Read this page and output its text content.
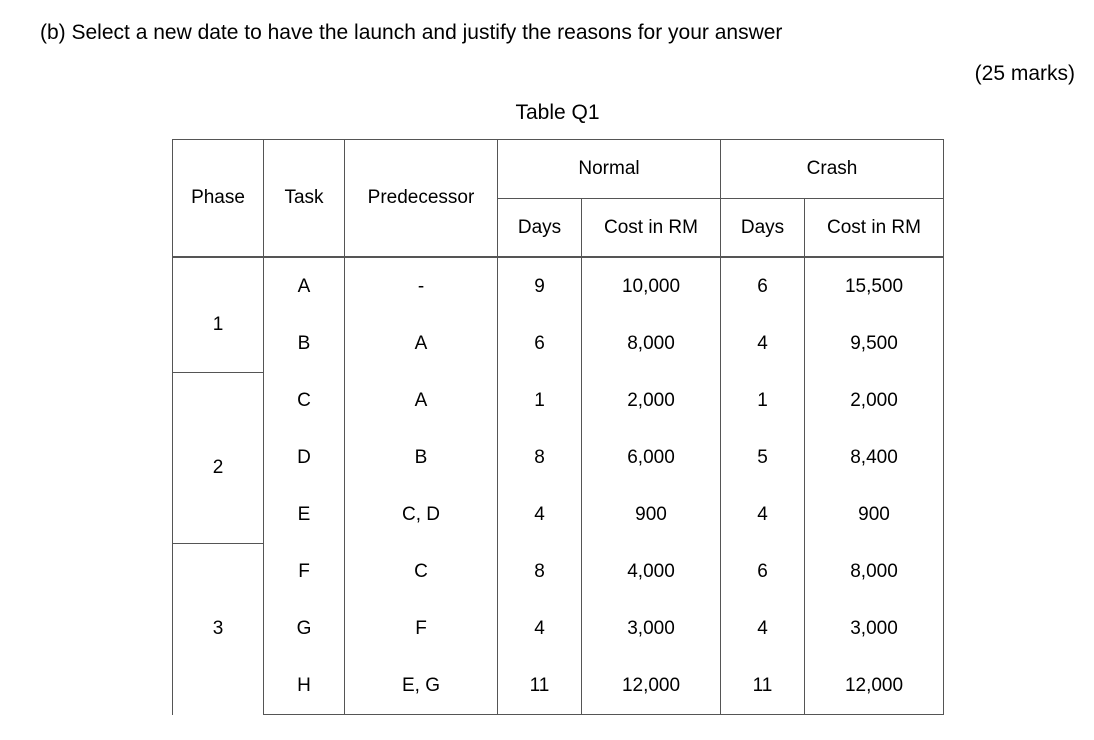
(b) Select a new date to have the launch and justify the reasons for your answer
(25 marks)
Table Q1
Phase	Task	Predecessor	Normal		Crash	
			Days	Cost in RM	Days	Cost in RM
1	A	-	9	10,000	6	15,500
	B	A	6	8,000	4	9,500
2	C	A	1	2,000	1	2,000
	D	B	8	6,000	5	8,400
	E	C, D	4	900	4	900
3	F	C	8	4,000	6	8,000
	G	F	4	3,000	4	3,000
	H	E, G	11	12,000	11	12,000
